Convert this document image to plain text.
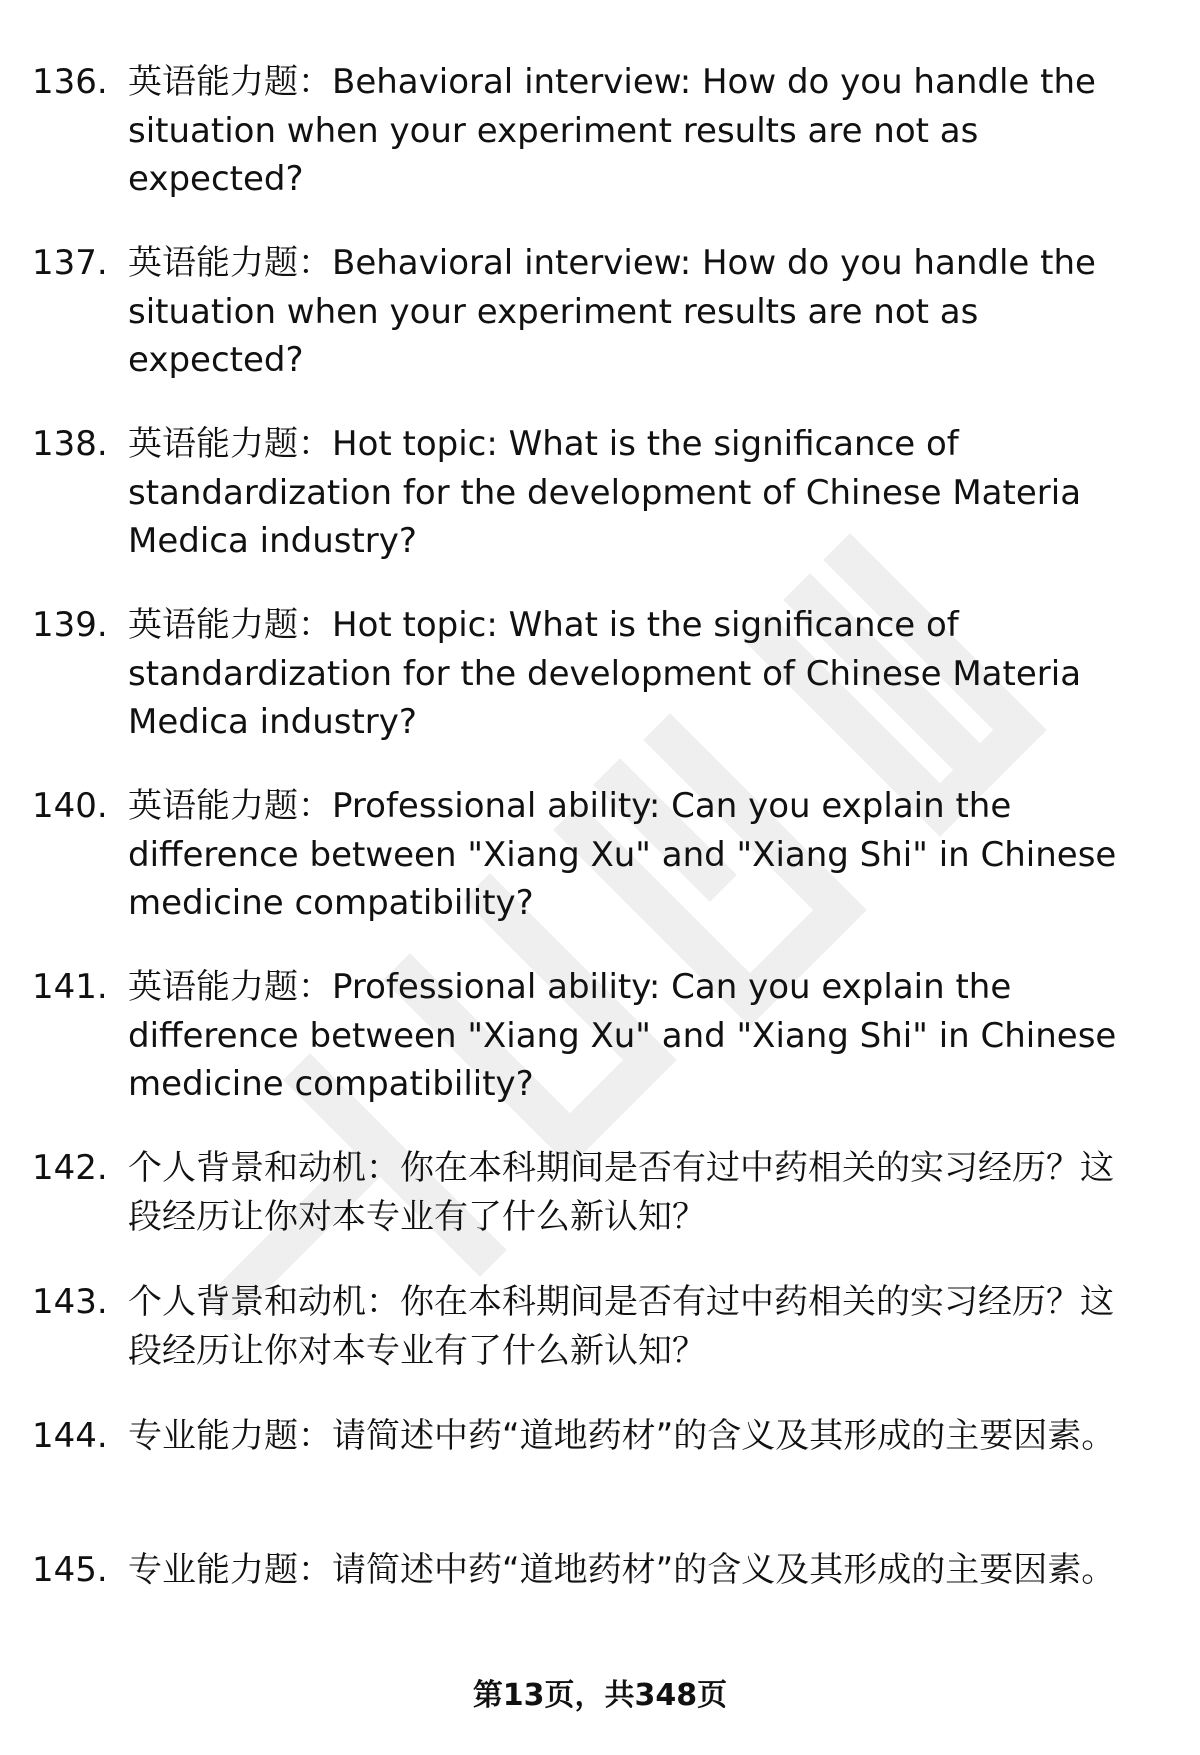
136. 英语能力题：Behavioral interview: How do you handle the situation when your experiment results are not as expected?

137. 英语能力题：Behavioral interview: How do you handle the situation when your experiment results are not as expected?

138. 英语能力题：Hot topic: What is the significance of standardization for the development of Chinese Materia Medica industry?

139. 英语能力题：Hot topic: What is the significance of standardization for the development of Chinese Materia Medica industry?

140. 英语能力题：Professional ability: Can you explain the difference between "Xiang Xu" and "Xiang Shi" in Chinese medicine compatibility?

141. 英语能力题：Professional ability: Can you explain the difference between "Xiang Xu" and "Xiang Shi" in Chinese medicine compatibility?

142. 个人背景和动机：你在本科期间是否有过中药相关的实习经历？这段经历让你对本专业有了什么新认知？

143. 个人背景和动机：你在本科期间是否有过中药相关的实习经历？这段经历让你对本专业有了什么新认知？

144. 专业能力题：请简述中药“道地药材”的含义及其形成的主要因素。

145. 专业能力题：请简述中药“道地药材”的含义及其形成的主要因素。

第13页，共348页
